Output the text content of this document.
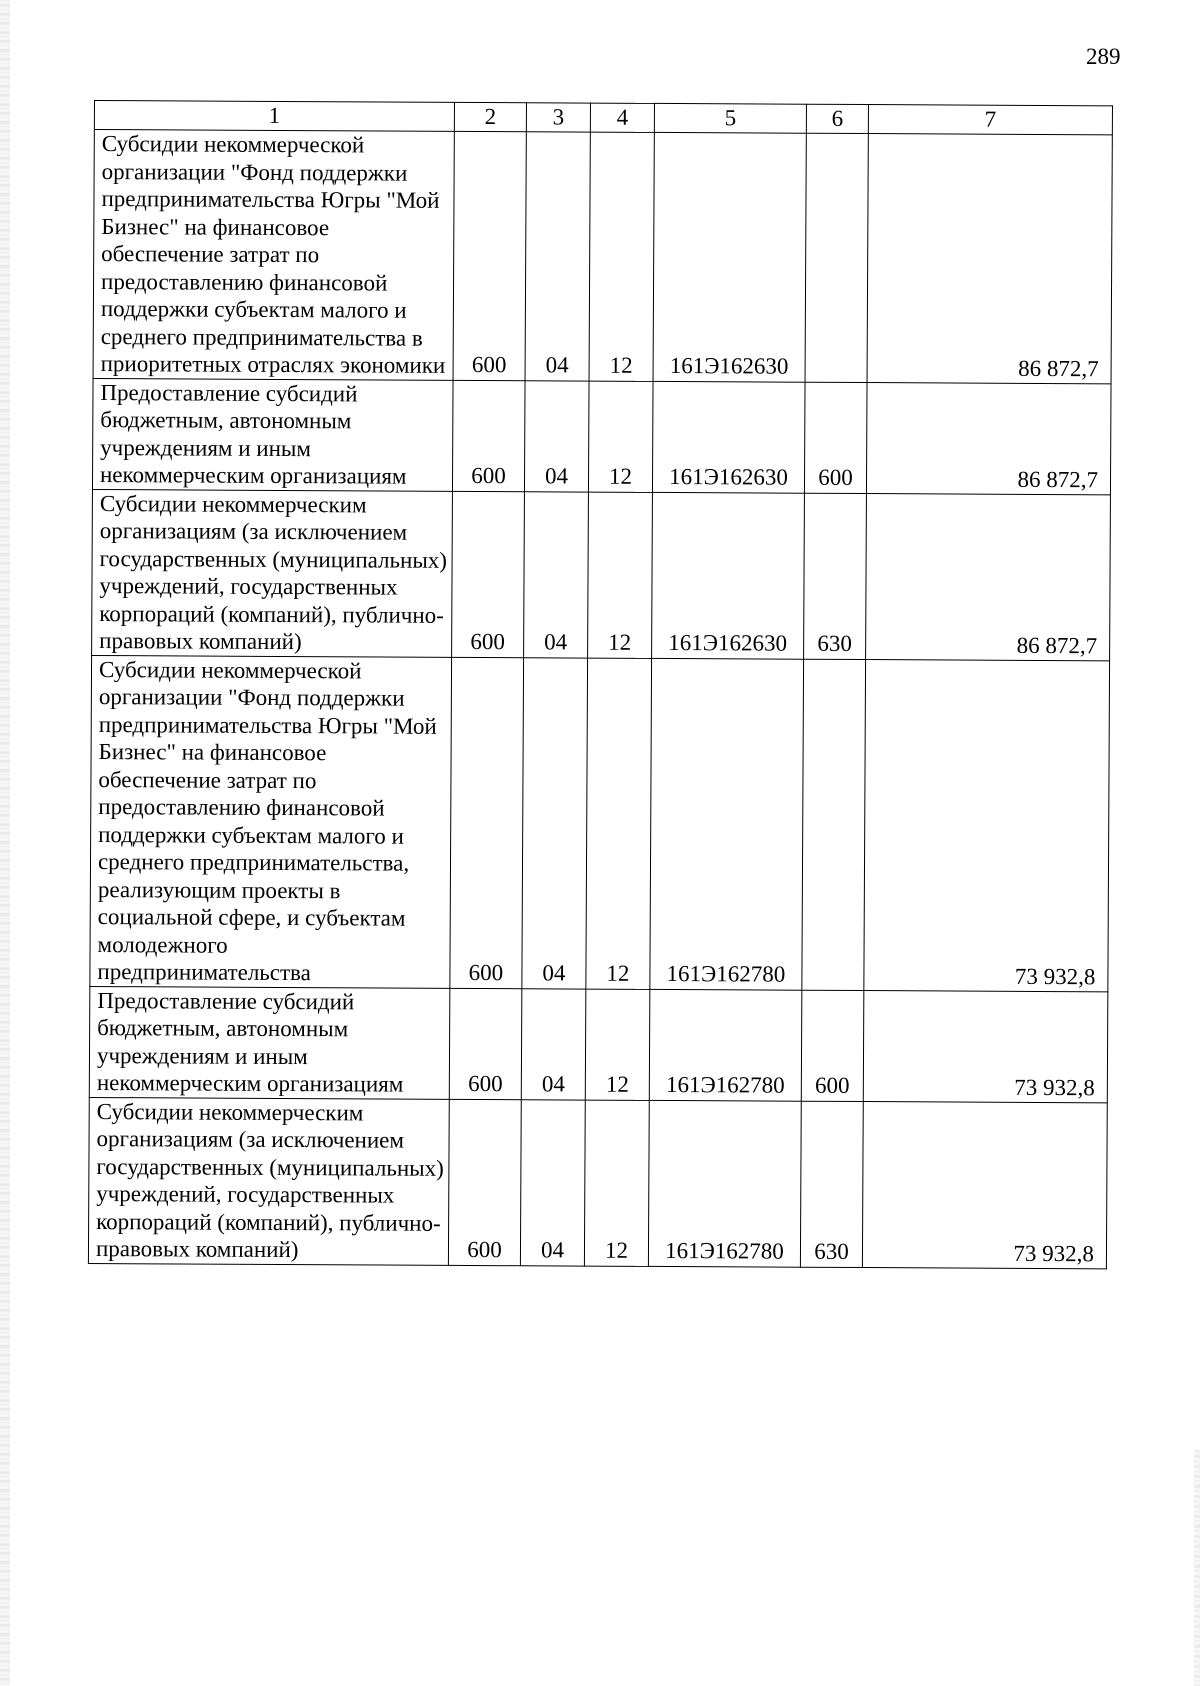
289
1	2	3	4	5	6	7
Субсидии некоммерческой организации "Фонд поддержки предпринимательства Югры "Мой Бизнес" на финансовое обеспечение затрат по предоставлению финансовой поддержки субъектам малого и среднего предпринимательства в приоритетных отраслях экономики	600	04	12	161Э162630		86 872,7
Предоставление субсидий бюджетным, автономным учреждениям и иным некоммерческим организациям	600	04	12	161Э162630	600	86 872,7
Субсидии некоммерческим организациям (за исключением государственных (муниципальных) учреждений, государственных корпораций (компаний), публично-правовых компаний)	600	04	12	161Э162630	630	86 872,7
Субсидии некоммерческой организации "Фонд поддержки предпринимательства Югры "Мой Бизнес" на финансовое обеспечение затрат по предоставлению финансовой поддержки субъектам малого и среднего предпринимательства, реализующим проекты в социальной сфере, и субъектам молодежного предпринимательства	600	04	12	161Э162780		73 932,8
Предоставление субсидий бюджетным, автономным учреждениям и иным некоммерческим организациям	600	04	12	161Э162780	600	73 932,8
Субсидии некоммерческим организациям (за исключением государственных (муниципальных) учреждений, государственных корпораций (компаний), публично-правовых компаний)	600	04	12	161Э162780	630	73 932,8
